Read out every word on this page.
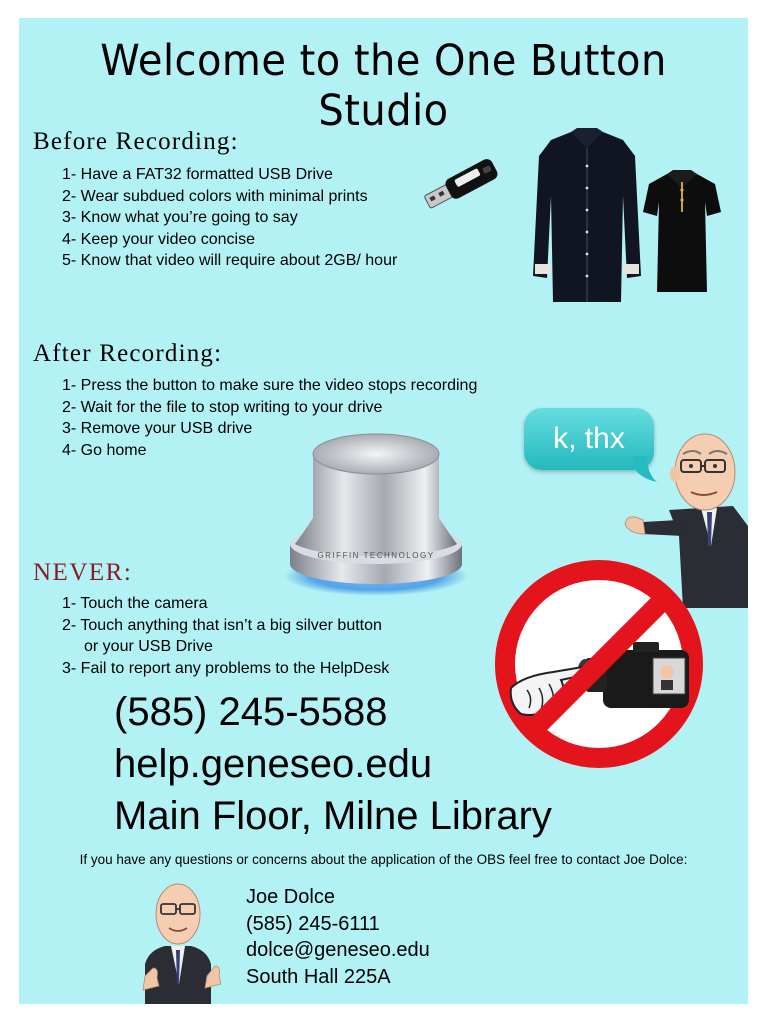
Welcome to the One Button Studio
Before Recording:
1- Have a FAT32 formatted USB Drive
2- Wear subdued colors with minimal prints
3- Know what you’re going to say
4- Keep your video concise
5- Know that video will require about 2GB/ hour
After Recording:
1- Press the button to make sure the video stops recording
2- Wait for the file to stop writing to your drive
3- Remove your USB drive
4- Go home
GRIFFIN TECHNOLOGY
k, thx
NEVER:
1- Touch the camera
2- Touch anything that isn’t a big silver button
or your USB Drive
3- Fail to report any problems to the HelpDesk
(585) 245-5588
help.geneseo.edu
Main Floor, Milne Library
If you have any questions or concerns about the application of the OBS feel free to contact Joe Dolce:
Joe Dolce
(585) 245-6111
dolce@geneseo.edu
South Hall 225A
